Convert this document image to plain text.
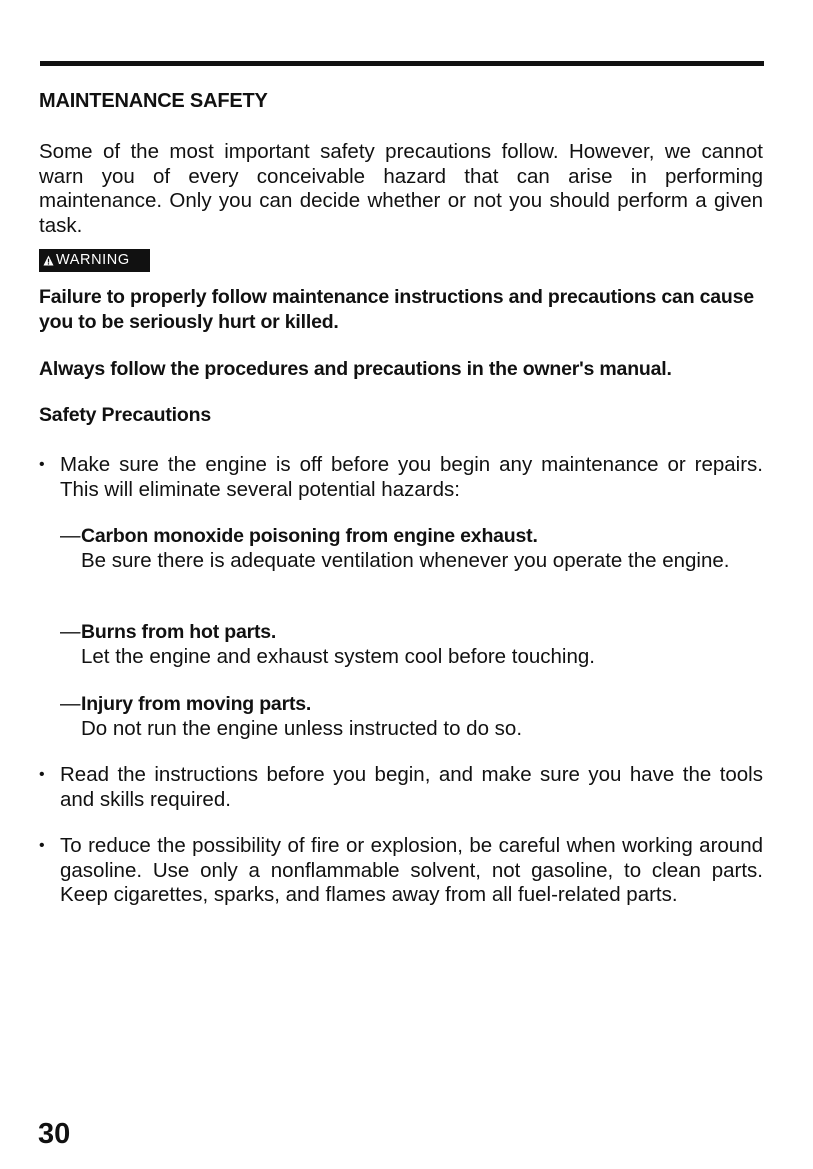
MAINTENANCE SAFETY

Some of the most important safety precautions follow. However, we cannot warn you of every conceivable hazard that can arise in performing maintenance. Only you can decide whether or not you should perform a given task.

WARNING

Failure to properly follow maintenance instructions and precautions can cause you to be seriously hurt or killed.

Always follow the procedures and precautions in the owner's manual.

Safety Precautions

• Make sure the engine is off before you begin any maintenance or repairs. This will eliminate several potential hazards:
— Carbon monoxide poisoning from engine exhaust.
Be sure there is adequate ventilation whenever you operate the engine.
— Burns from hot parts.
Let the engine and exhaust system cool before touching.
— Injury from moving parts.
Do not run the engine unless instructed to do so.
• Read the instructions before you begin, and make sure you have the tools and skills required.
• To reduce the possibility of fire or explosion, be careful when working around gasoline. Use only a nonflammable solvent, not gasoline, to clean parts. Keep cigarettes, sparks, and flames away from all fuel-related parts.
30
